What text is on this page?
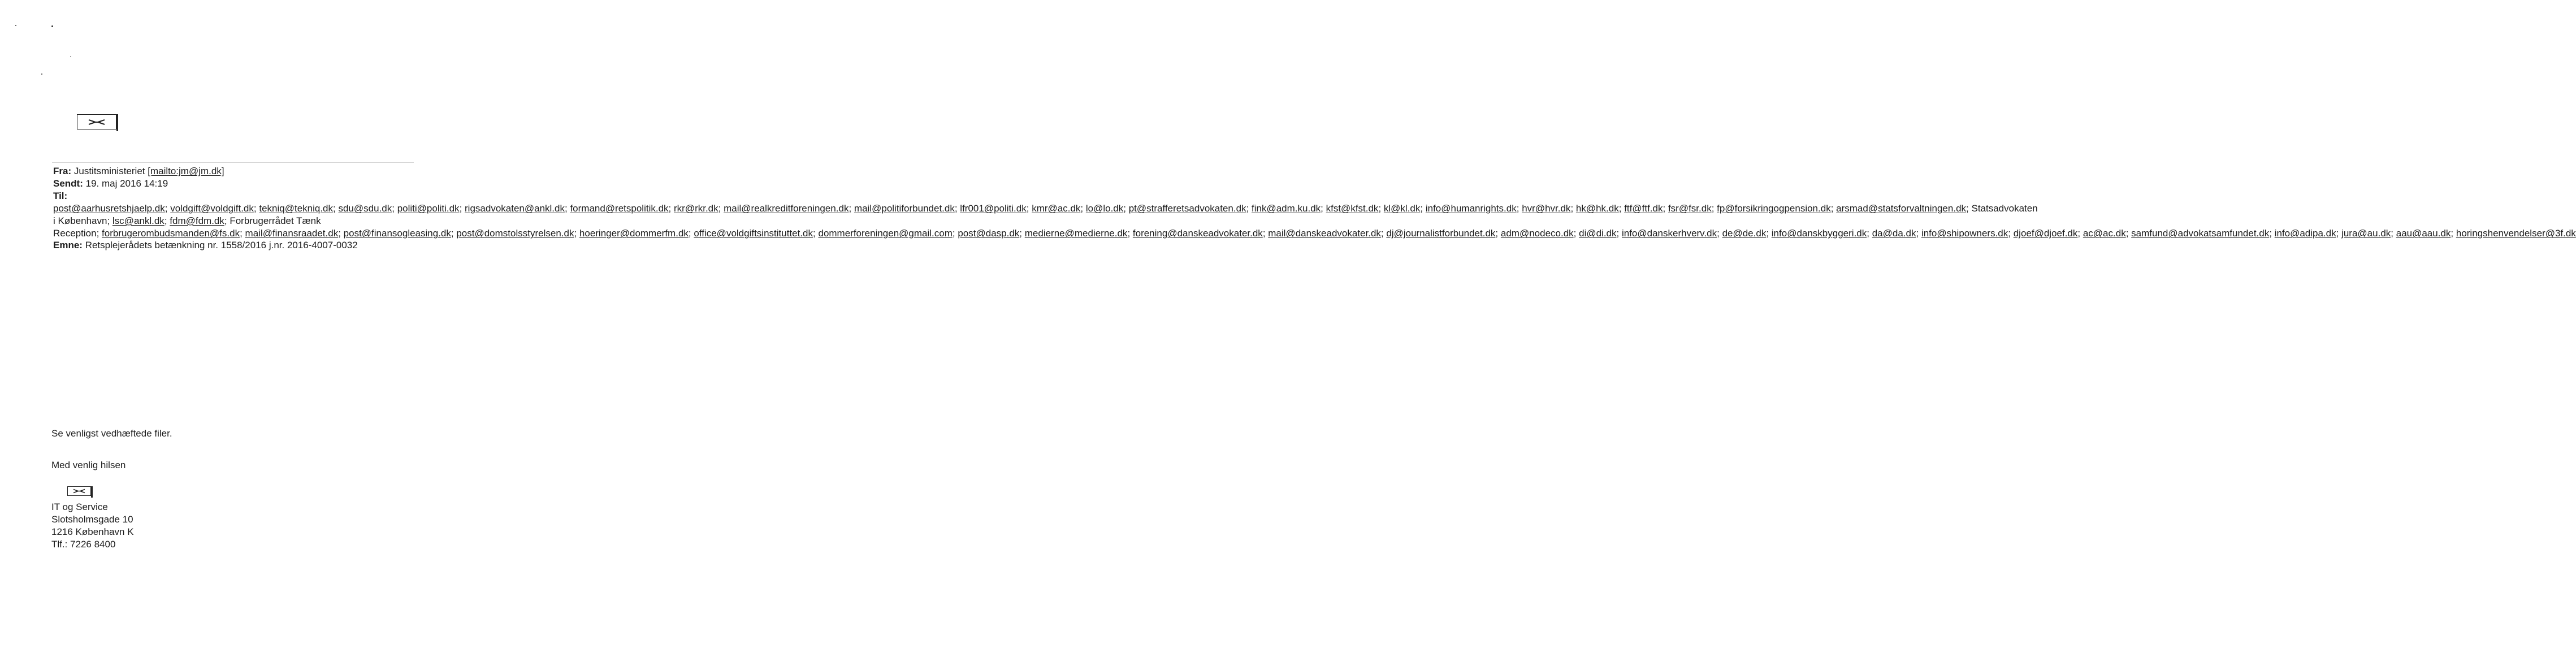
Fra: Justitsministeriet [mailto:jm@jm.dk]
Sendt: 19. maj 2016 14:19
Til: post@aarhusretshjaelp.dk; voldgift@voldgift.dk; tekniq@tekniq.dk; sdu@sdu.dk; politi@politi.dk; rigsadvokaten@ankl.dk; formand@retspolitik.dk; rkr@rkr.dk; mail@realkreditforeningen.dk; mail@politiforbundet.dk; lfr001@politi.dk; kmr@ac.dk; lo@lo.dk; pt@strafferetsadvokaten.dk; fink@adm.ku.dk; kfst@kfst.dk; kl@kl.dk; info@humanrights.dk; hvr@hvr.dk; hk@hk.dk; ftf@ftf.dk; fsr@fsr.dk; fp@forsikringogpension.dk; arsmad@statsforvaltningen.dk; Statsadvokaten i København; lsc@ankl.dk; fdm@fdm.dk; Forbrugerrådet Tænk Reception; forbrugerombudsmanden@fs.dk; mail@finansraadet.dk; post@finansogleasing.dk; post@domstolsstyrelsen.dk; hoeringer@dommerfm.dk; office@voldgiftsinstituttet.dk; dommerforeningen@gmail.com; post@dasp.dk; medierne@medierne.dk; forening@danskeadvokater.dk; mail@danskeadvokater.dk; dj@journalistforbundet.dk; adm@nodeco.dk; di@di.dk; info@danskerhverv.dk; de@de.dk; info@danskbyggeri.dk; da@da.dk; info@shipowners.dk; djoef@djoef.dk; ac@ac.dk; samfund@advokatsamfundet.dk; info@adipa.dk; jura@au.dk; aau@aau.dk; horingshenvendelser@3f.dk
Emne: Retsplejerådets betænkning nr. 1558/2016 j.nr. 2016-4007-0032
Se venligst vedhæftede filer.
Med venlig hilsen
IT og Service
Slotsholmsgade 10
1216 København K
Tlf.: 7226 8400
